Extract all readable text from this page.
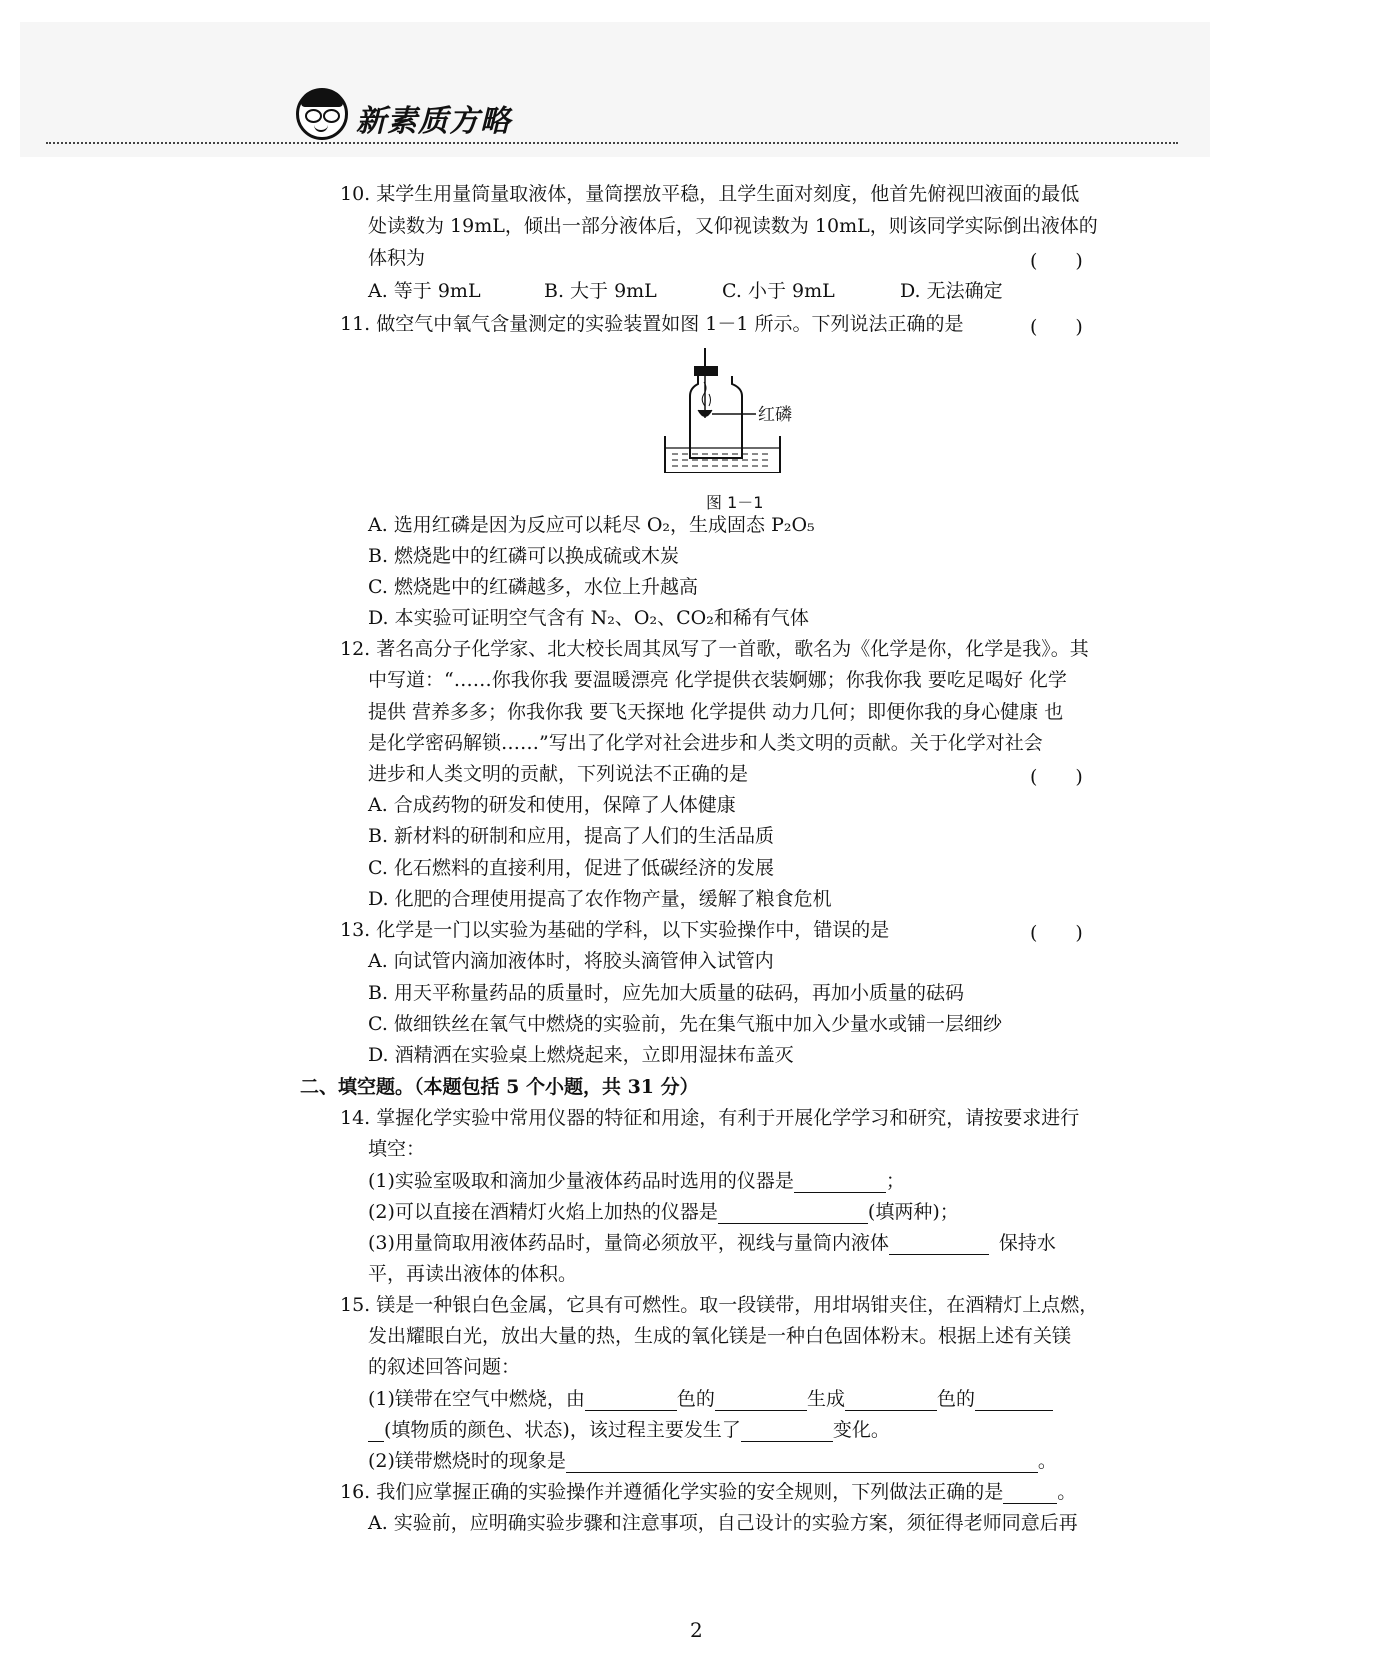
新素质方略
10. 某学生用量筒量取液体，量筒摆放平稳，且学生面对刻度，他首先俯视凹液面的最低
处读数为 19mL，倾出一部分液体后，又仰视读数为 10mL，则该同学实际倒出液体的
体积为	(　　)
A. 等于 9mL	B. 大于 9mL	C. 小于 9mL	D. 无法确定
11. 做空气中氧气含量测定的实验装置如图 1－1 所示。下列说法正确的是	(　　)
红磷
图 1－1
A. 选用红磷是因为反应可以耗尽 O₂，生成固态 P₂O₅
B. 燃烧匙中的红磷可以换成硫或木炭
C. 燃烧匙中的红磷越多，水位上升越高
D. 本实验可证明空气含有 N₂、O₂、CO₂和稀有气体
12. 著名高分子化学家、北大校长周其凤写了一首歌，歌名为《化学是你，化学是我》。其
中写道：“……你我你我 要温暖漂亮 化学提供衣装婀娜；你我你我 要吃足喝好 化学
提供 营养多多；你我你我 要飞天探地 化学提供 动力几何；即便你我的身心健康 也
是化学密码解锁……”写出了化学对社会进步和人类文明的贡献。关于化学对社会
进步和人类文明的贡献，下列说法不正确的是	(　　)
A. 合成药物的研发和使用，保障了人体健康
B. 新材料的研制和应用，提高了人们的生活品质
C. 化石燃料的直接利用，促进了低碳经济的发展
D. 化肥的合理使用提高了农作物产量，缓解了粮食危机
13. 化学是一门以实验为基础的学科，以下实验操作中，错误的是	(　　)
A. 向试管内滴加液体时，将胶头滴管伸入试管内
B. 用天平称量药品的质量时，应先加大质量的砝码，再加小质量的砝码
C. 做细铁丝在氧气中燃烧的实验前，先在集气瓶中加入少量水或铺一层细纱
D. 酒精洒在实验桌上燃烧起来，立即用湿抹布盖灭
二、填空题。（本题包括 5 个小题，共 31 分）
14. 掌握化学实验中常用仪器的特征和用途，有利于开展化学学习和研究，请按要求进行
填空：
(1)实验室吸取和滴加少量液体药品时选用的仪器是	；
(2)可以直接在酒精灯火焰上加热的仪器是	(填两种)；
(3)用量筒取用液体药品时，量筒必须放平，视线与量筒内液体	保持水
平，再读出液体的体积。
15. 镁是一种银白色金属，它具有可燃性。取一段镁带，用坩埚钳夹住，在酒精灯上点燃，
发出耀眼白光，放出大量的热，生成的氧化镁是一种白色固体粉末。根据上述有关镁
的叙述回答问题：
(1)镁带在空气中燃烧，由	色的	生成	色的
(填物质的颜色、状态)，该过程主要发生了	变化。
(2)镁带燃烧时的现象是	。
16. 我们应掌握正确的实验操作并遵循化学实验的安全规则，下列做法正确的是	。
A. 实验前，应明确实验步骤和注意事项，自己设计的实验方案，须征得老师同意后再
2
